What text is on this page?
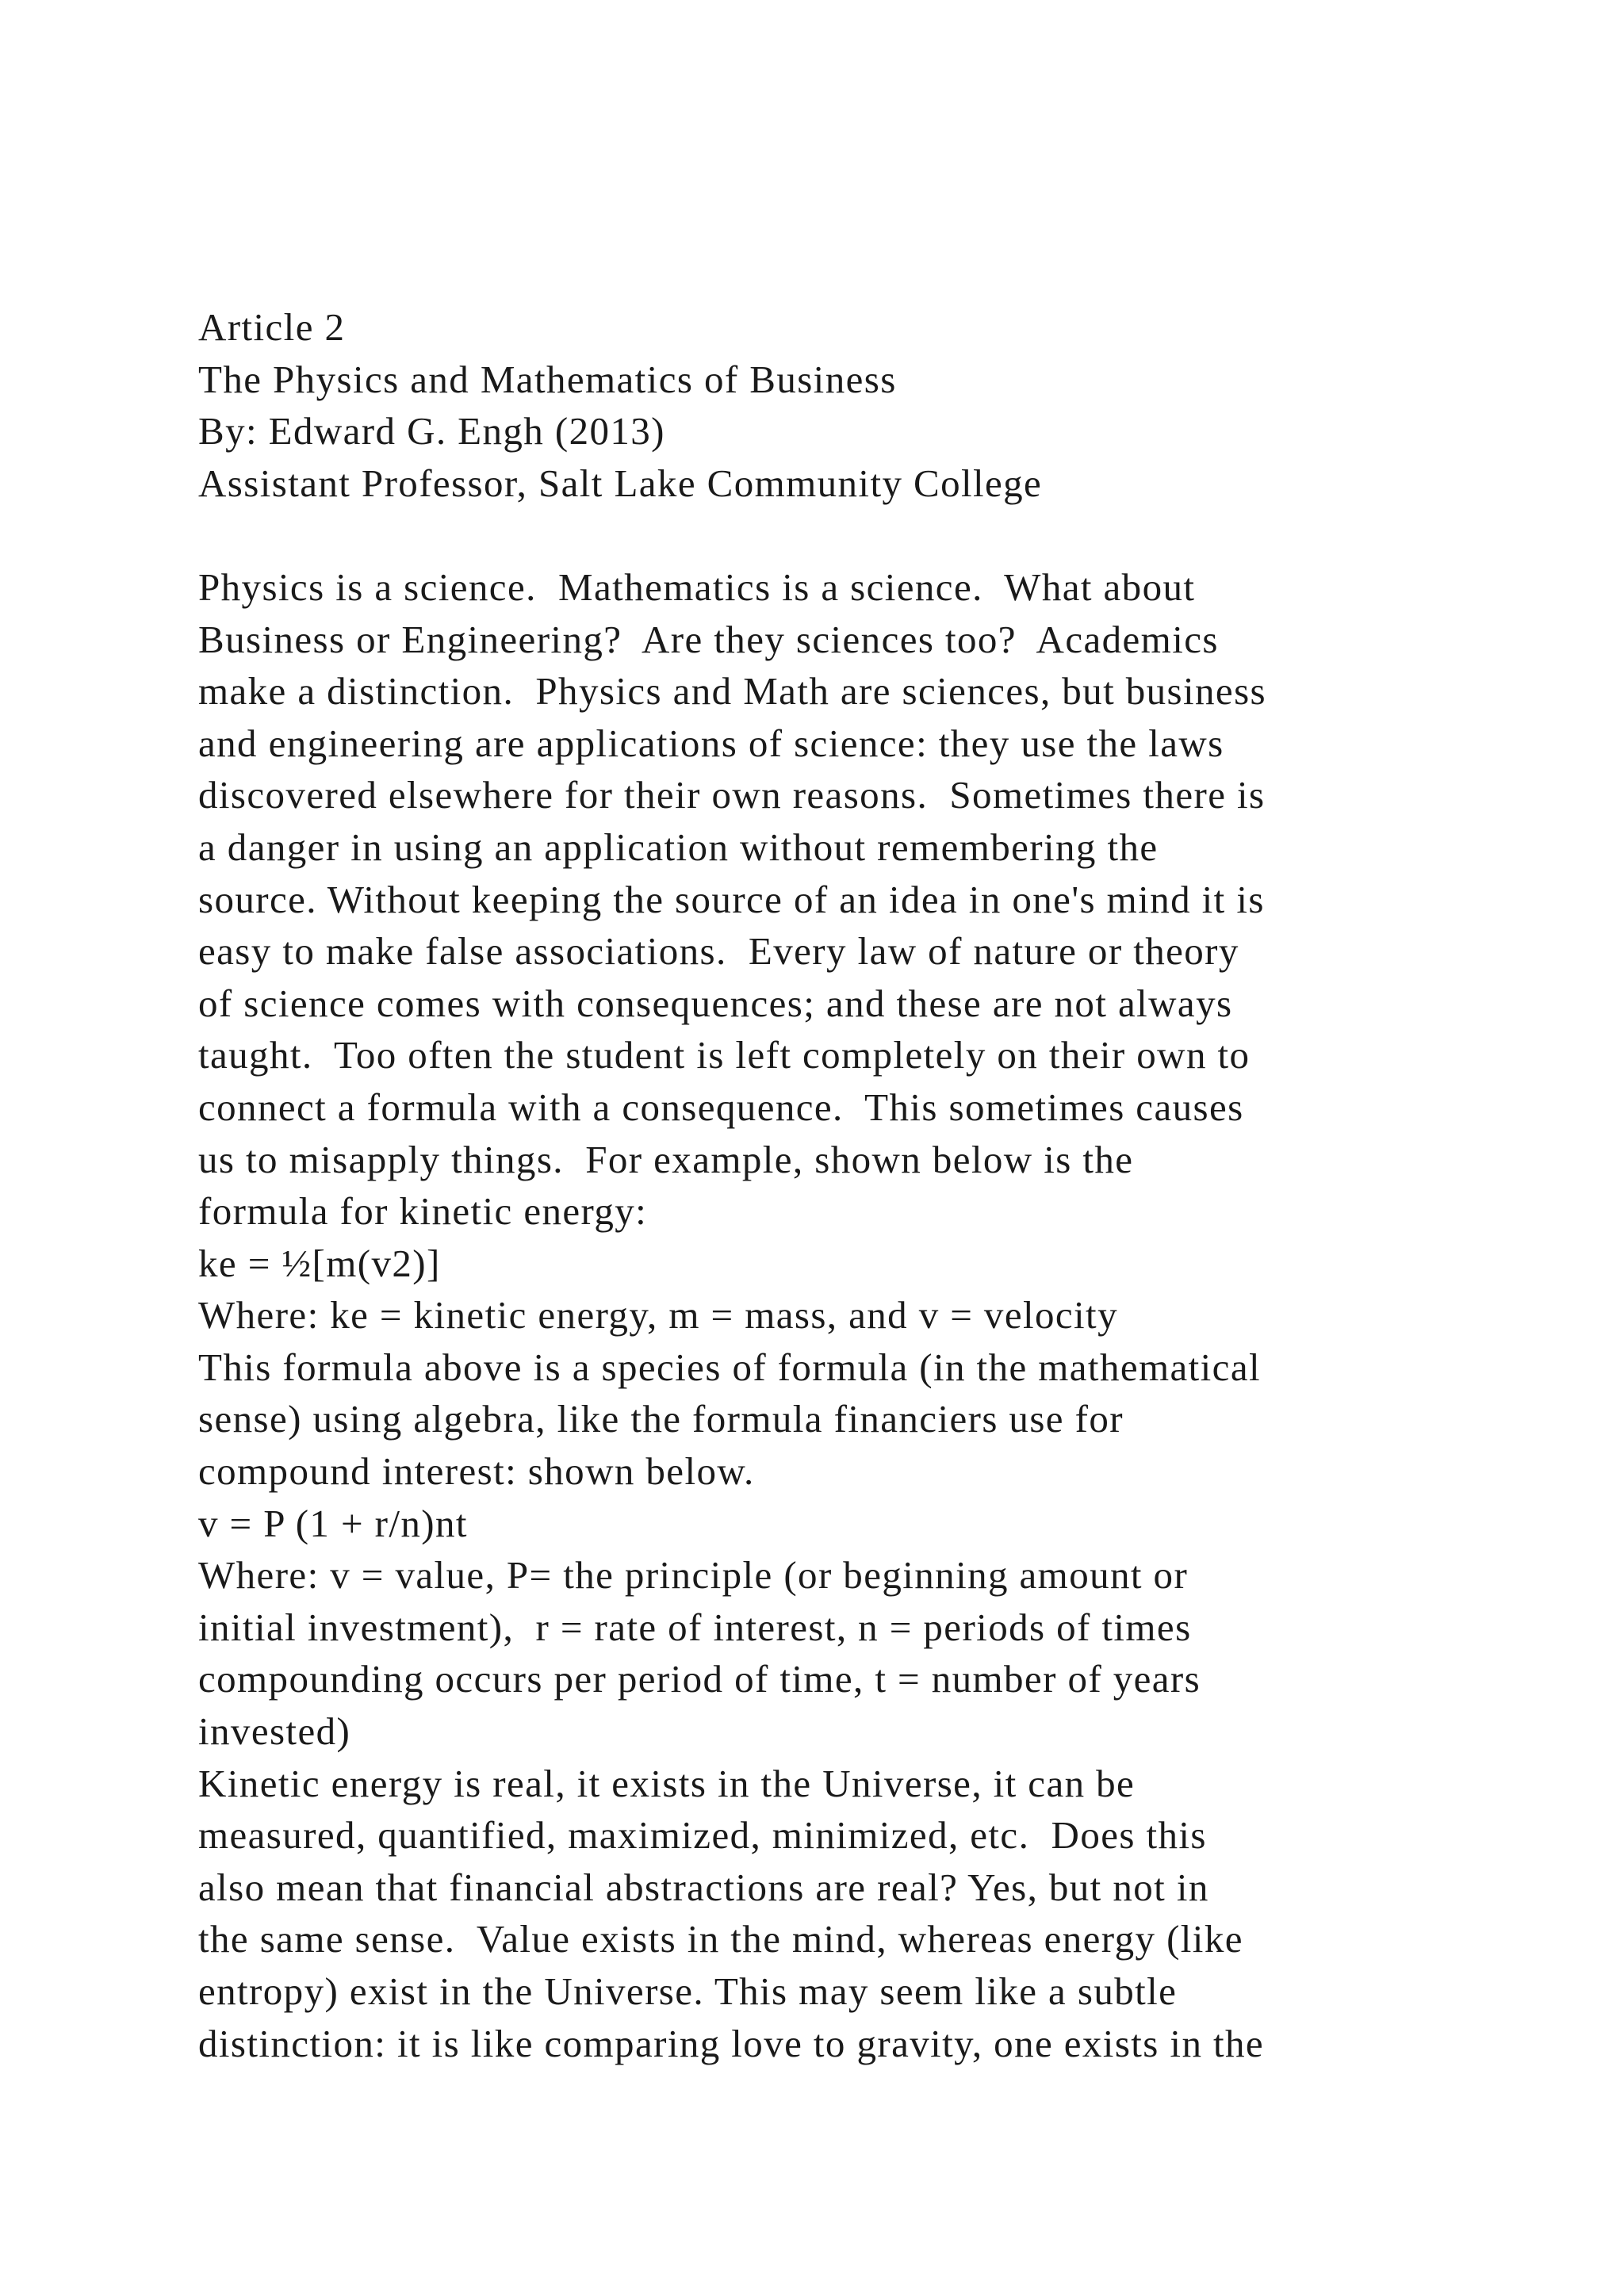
Article 2
The Physics and Mathematics of Business
By: Edward G. Engh (2013)
Assistant Professor, Salt Lake Community College
Physics is a science.  Mathematics is a science.  What about
Business or Engineering?  Are they sciences too?  Academics
make a distinction.  Physics and Math are sciences, but business
and engineering are applications of science: they use the laws
discovered elsewhere for their own reasons.  Sometimes there is
a danger in using an application without remembering the
source. Without keeping the source of an idea in one's mind it is
easy to make false associations.  Every law of nature or theory
of science comes with consequences; and these are not always
taught.  Too often the student is left completely on their own to
connect a formula with a consequence.  This sometimes causes
us to misapply things.  For example, shown below is the
formula for kinetic energy:
ke = ½[m(v2)]
Where: ke = kinetic energy, m = mass, and v = velocity
This formula above is a species of formula (in the mathematical
sense) using algebra, like the formula financiers use for
compound interest: shown below.
v = P (1 + r/n)nt
Where: v = value, P= the principle (or beginning amount or
initial investment),  r = rate of interest, n = periods of times
compounding occurs per period of time, t = number of years
invested)
Kinetic energy is real, it exists in the Universe, it can be
measured, quantified, maximized, minimized, etc.  Does this
also mean that financial abstractions are real? Yes, but not in
the same sense.  Value exists in the mind, whereas energy (like
entropy) exist in the Universe. This may seem like a subtle
distinction: it is like comparing love to gravity, one exists in the
